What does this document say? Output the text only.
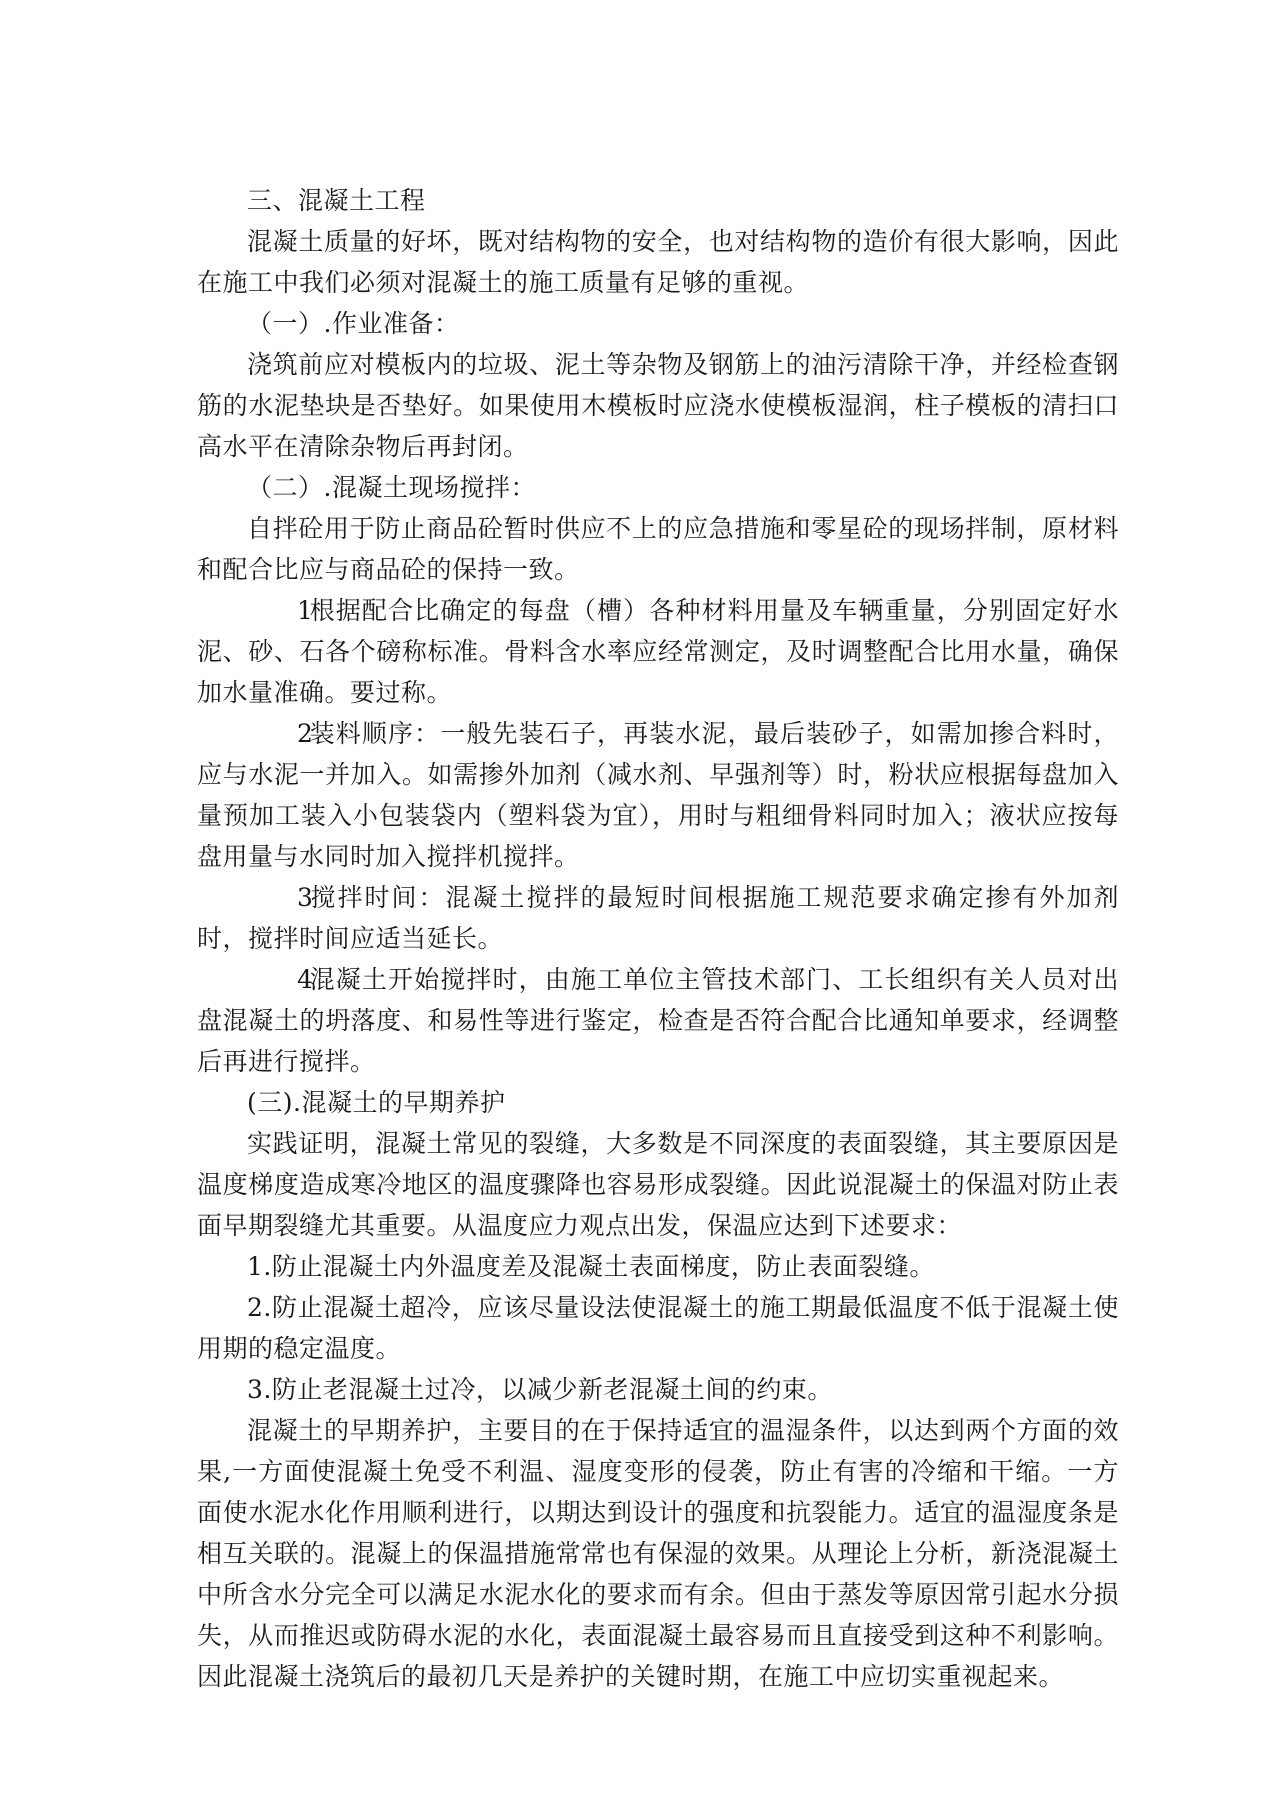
三、混凝土工程

混凝土质量的好坏，既对结构物的安全，也对结构物的造价有很大影响，因此在施工中我们必须对混凝土的施工质量有足够的重视。

（一）.作业准备：

浇筑前应对模板内的垃圾、泥土等杂物及钢筋上的油污清除干净，并经检查钢筋的水泥垫块是否垫好。如果使用木模板时应浇水使模板湿润，柱子模板的清扫口高水平在清除杂物后再封闭。

（二）.混凝土现场搅拌：

自拌砼用于防止商品砼暂时供应不上的应急措施和零星砼的现场拌制，原材料和配合比应与商品砼的保持一致。

1根据配合比确定的每盘（槽）各种材料用量及车辆重量，分别固定好水泥、砂、石各个磅称标准。骨料含水率应经常测定，及时调整配合比用水量，确保加水量准确。要过称。

2装料顺序：一般先装石子，再装水泥，最后装砂子，如需加掺合料时，应与水泥一并加入。如需掺外加剂（减水剂、早强剂等）时，粉状应根据每盘加入量预加工装入小包装袋内（塑料袋为宜），用时与粗细骨料同时加入；液状应按每盘用量与水同时加入搅拌机搅拌。

3搅拌时间：混凝土搅拌的最短时间根据施工规范要求确定掺有外加剂时，搅拌时间应适当延长。

4混凝土开始搅拌时，由施工单位主管技术部门、工长组织有关人员对出盘混凝土的坍落度、和易性等进行鉴定，检查是否符合配合比通知单要求，经调整后再进行搅拌。

(三).混凝土的早期养护

实践证明，混凝土常见的裂缝，大多数是不同深度的表面裂缝，其主要原因是温度梯度造成寒冷地区的温度骤降也容易形成裂缝。因此说混凝土的保温对防止表面早期裂缝尤其重要。从温度应力观点出发，保温应达到下述要求：

1.防止混凝土内外温度差及混凝土表面梯度，防止表面裂缝。

2.防止混凝土超冷，应该尽量设法使混凝土的施工期最低温度不低于混凝土使用期的稳定温度。

3.防止老混凝土过冷，以减少新老混凝土间的约束。

混凝土的早期养护，主要目的在于保持适宜的温湿条件，以达到两个方面的效果,一方面使混凝土免受不利温、湿度变形的侵袭，防止有害的冷缩和干缩。一方面使水泥水化作用顺利进行，以期达到设计的强度和抗裂能力。适宜的温湿度条是相互关联的。混凝上的保温措施常常也有保湿的效果。从理论上分析，新浇混凝土中所含水分完全可以满足水泥水化的要求而有余。但由于蒸发等原因常引起水分损失，从而推迟或防碍水泥的水化，表面混凝土最容易而且直接受到这种不利影响。因此混凝土浇筑后的最初几天是养护的关键时期，在施工中应切实重视起来。
